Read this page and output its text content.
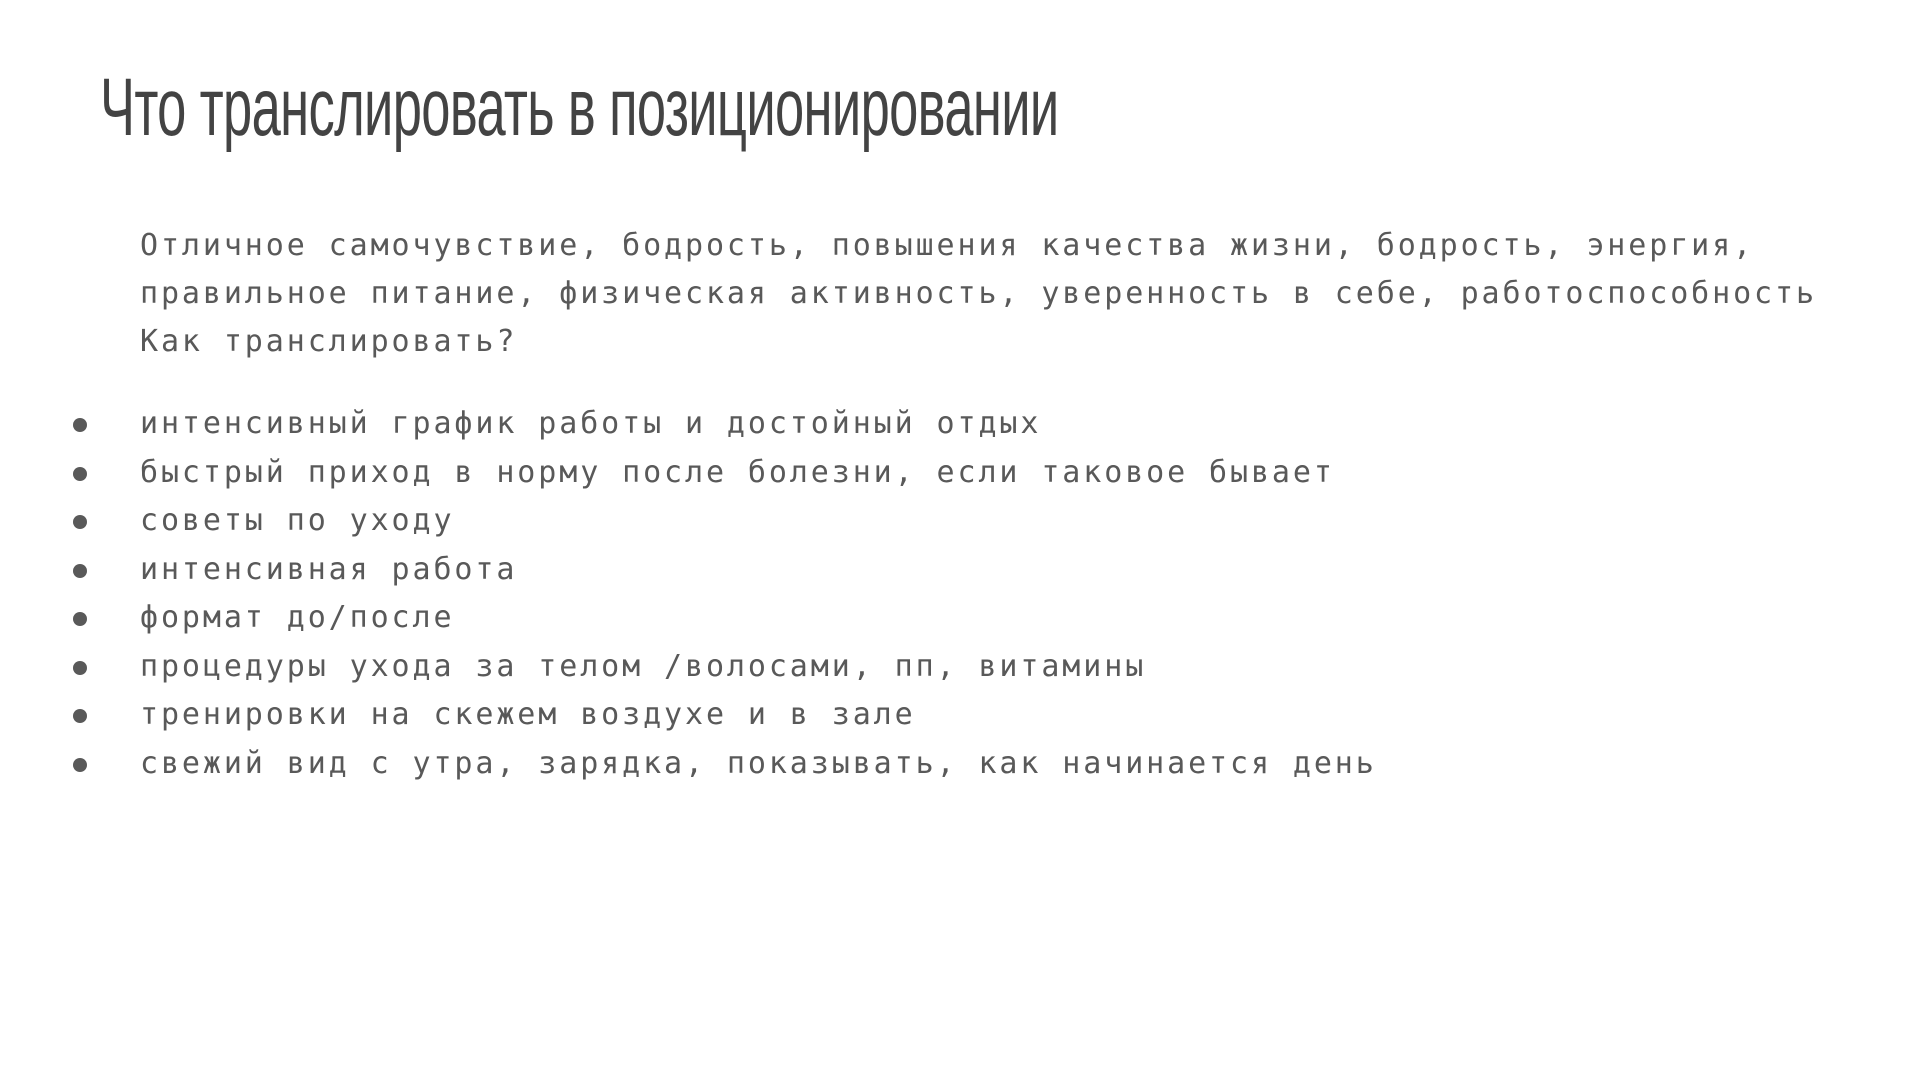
Что транслировать в позиционировании
Отличное самочувствие, бодрость, повышения качества жизни, бодрость, энергия,
правильное питание, физическая активность, уверенность в себе, работоспособность
Как транслировать?
интенсивный график работы и достойный отдых
быстрый приход в норму после болезни, если таковое бывает
советы по уходу
интенсивная работа
формат до/после
процедуры ухода за телом /волосами, пп, витамины
тренировки на скежем воздухе и в зале
свежий вид с утра, зарядка, показывать, как начинается день
